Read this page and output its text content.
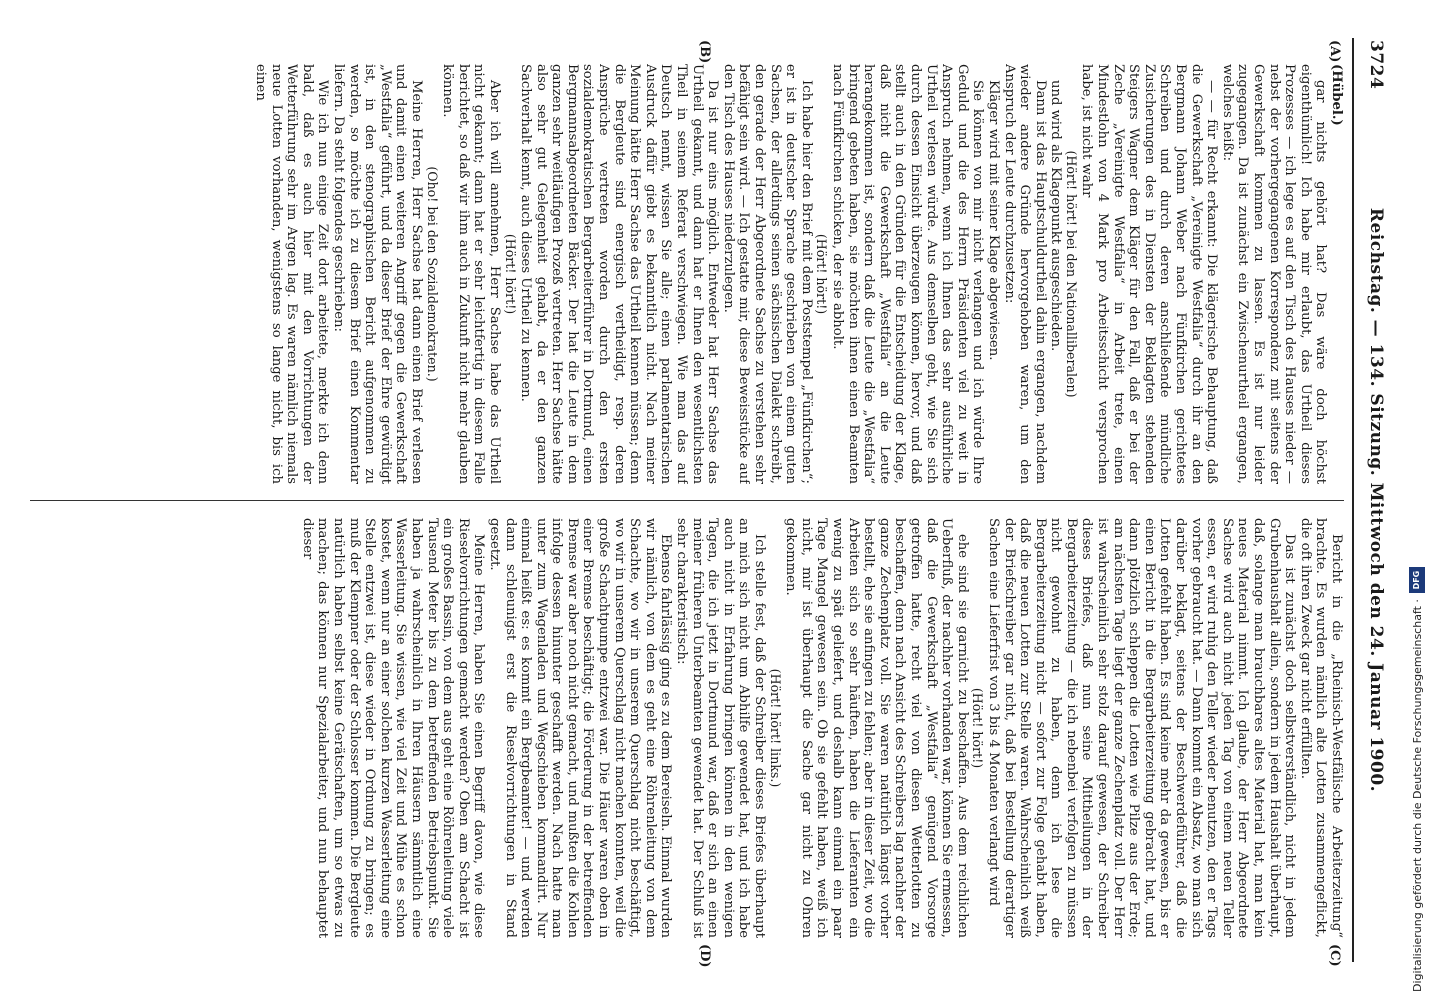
3724
Reichstag. — 134. Sitzung. Mittwoch den 24. Januar 1900.
(A)
(B)
(C)
(D)

(Hübel.)

gar nichts gehört hat? Das wäre doch höchst eigenthümlich! Ich habe mir erlaubt, das Urtheil dieses Prozesses — ich lege es auf den Tisch des Hauses nieder — nebst der vorhergegangenen Korrespondenz mit seitens der Gewerkschaft kommen zu lassen. Es ist nur leider zugegangen. Da ist zunächst ein Zwischenurtheil ergangen, welches heißt:

— — für Recht erkannt: Die klägerische Behauptung, daß die Gewerkschaft „Vereinigte Westfalia“ durch ihr an den Bergmann Johann Weber nach Fünfkirchen gerichtetes Schreiben und durch deren anschließende mündliche Zusicherungen des in Diensten der Beklagten stehenden Steigers Wagner dem Kläger für den Fall, daß er bei der Zeche „Vereinigte Westfalia“ in Arbeit trete, einen Mindestlohn von 4 Mark pro Arbeitsschicht versprochen habe, ist nicht wahr

(Hört! hört! bei den Nationalliberalen)

und wird als Klagepunkt ausgeschieden.

Dann ist das Hauptschuldurtheil dahin ergangen, nachdem wieder andere Gründe hervorgehoben waren, um den Anspruch der Leute durchzusetzen:

Kläger wird mit seiner Klage abgewiesen.

Sie können von mir nicht verlangen und ich würde Ihre Geduld und die des Herrn Präsidenten viel zu weit in Anspruch nehmen, wenn ich Ihnen das sehr ausführliche Urtheil verlesen würde. Aus demselben geht, wie Sie sich durch dessen Einsicht überzeugen können, hervor, und daß stellt auch in den Gründen für die Entscheidung der Klage, daß nicht die Gewerkschaft „Westfalia“ an die Leute herangekommen ist, sondern daß die Leute die „Westfalia“ bringend gebeten haben, sie möchten ihnen einen Beamten nach Fünfkirchen schicken, der sie abholt.

(Hört! hört!)

Ich habe hier den Brief mit dem Poststempel „Fünfkirchen“; er ist in deutscher Sprache geschrieben von einem guten Sachsen, der allerdings seinen sächsischen Dialekt schreibt, den gerade der Herr Abgeordnete Sachse zu verstehen sehr befähigt sein wird. — Ich gestatte mir, diese Beweisstücke auf den Tisch des Hauses niederzulegen.

Da ist nur eins möglich. Entweder hat Herr Sachse das Urtheil gekannt, und dann hat er Ihnen den wesentlichsten Theil in seinem Referat verschwiegen. Wie man das auf Deutsch nennt, wissen Sie alle; einen parlamentarischen Ausdruck dafür giebt es bekanntlich nicht. Nach meiner Meinung hätte Herr Sachse das Urtheil kennen müssen; denn die Bergleute sind energisch vertheidigt, resp. deren Ansprüche vertreten worden durch den ersten sozialdemokratischen Bergarbeiterführer in Dortmund, einen Bergmannsabgeordneten Bäcker. Der hat die Leute in dem ganzen sehr weitläufigen Prozeß vertreten. Herr Sachse hätte also sehr gut Gelegenheit gehabt, da er den ganzen Sachverhalt kennt, auch dieses Urtheil zu kennen.

(Hört! hört!)

Aber ich will annehmen, Herr Sachse habe das Urtheil nicht gekannt; dann hat er sehr leichtfertig in diesem Falle berichtet, so daß wir ihm auch in Zukunft nicht mehr glauben können.

(Oho! bei den Sozialdemokraten.)

Meine Herren, Herr Sachse hat dann einen Brief verlesen und damit einen weiteren Angriff gegen die Gewerkschaft „Westfalia“ geführt, und da dieser Brief der Ehre gewürdigt ist, in den stenographischen Bericht aufgenommen zu werden, so möchte ich zu diesem Brief einen Kommentar liefern. Da steht folgendes geschrieben:

Wie ich nun einige Zeit dort arbeitete, merkte ich denn bald, daß es auch hier mit den Vorrichtungen der Wetterführung sehr im Argen lag. Es waren nämlich niemals neue Lotten vorhanden, wenigstens so lange nicht, bis ich einen

Bericht in die „Rheinisch-Westfälische Arbeiterzeitung“ brachte. Es wurden nämlich alte Lotten zusammengeflickt, die oft ihren Zweck gar nicht erfüllten.

Das ist zunächst doch selbstverständlich, nicht in jedem Grubenhaushalt allein, sondern in jedem Haushalt überhaupt, daß, solange man brauchbares altes Material hat, man kein neues Material nimmt. Ich glaube, der Herr Abgeordnete Sachse wird auch nicht jeden Tag von einem neuen Teller essen, er wird ruhig den Teller wieder benutzen, den er Tags vorher gebraucht hat. — Dann kommt ein Absatz, wo man sich darüber beklagt, seitens der Beschwerdeführer, daß die Lotten gefehlt haben. Es sind keine mehr da gewesen, bis er einen Bericht in die Bergarbeiterzeitung gebracht hat, und dann plötzlich schleppen die Lotten wie Pilze aus der Erde; am nächsten Tage liegt der ganze Zechenplatz voll. Der Herr ist wahrscheinlich sehr stolz darauf gewesen, der Schreiber dieses Briefes, daß nun seine Mittheilungen in der Bergarbeiterzeitung — die ich nebenbei verfolgen zu müssen nicht gewohnt zu haben, denn ich lese die Bergarbeiterzeitung nicht — sofort zur Folge gehabt haben, daß die neuen Lotten zur Stelle waren. Wahrscheinlich weiß der Briefschreiber gar nicht, daß bei Bestellung derartiger Sachen eine Lieferfrist von 3 bis 4 Monaten verlangt wird

(Hört! hört!)

ehe sind sie garnicht zu beschaffen. Aus dem reichlichen Ueberfluß, der nachher vorhanden war, können Sie ermessen, daß die Gewerkschaft „Westfalia“ genügend Vorsorge getroffen hatte, recht viel von diesen Wetterlotten zu beschaffen, denn nach Ansicht des Schreibers lag nachher der ganze Zechenplatz voll. Sie waren natürlich längst vorher bestellt, ehe sie anfingen zu fehlen; aber in dieser Zeit, wo die Arbeiten sich so sehr häuften, haben die Lieferanten ein wenig zu spät geliefert, und deshalb kann einmal ein paar Tage Mangel gewesen sein. Ob sie gefehlt haben, weiß ich nicht, mir ist überhaupt die Sache gar nicht zu Ohren gekommen.

(Hört! hört! links.)

Ich stelle fest, daß der Schreiber dieses Briefes überhaupt an mich sich nicht um Abhilfe gewendet hat, und ich habe auch nicht in Erfahrung bringen können in den wenigen Tagen, die ich jetzt in Dortmund war, daß er sich an einen meiner früheren Unterbeamten gewendet hat. Der Schluß ist sehr charakteristisch:

Ebenso fahrlässig ging es zu dem Bereiseln. Einmal wurden wir nämlich, von dem es geht eine Röhrenleitung von dem Schachte, wo wir in unserem Querschlag nicht beschäftigt, wo wir in unserem Querschlag nicht machen konnten, weil die große Schachtpumpe entzwei war. Die Häuer waren oben in einer Bremse beschäftigt; die Förderung in der betreffenden Bremse war aber noch nicht gemacht, und mußten die Kohlen infolge dessen hinunter geschafft werden. Nach hatte man unter zum Wagenladen und Wegschieben kommandirt. Nur einmal heißt es: es kommt ein Bergbeamter! — und werden dann schleunigst erst die Rieselvorrichtungen in Stand gesetzt.

Meine Herren, haben Sie einen Begriff davon, wie diese Rieselvorrichtungen gemacht werden? Oben am Schacht ist ein großes Bassin, von dem aus geht eine Röhrenleitung viele Tausend Meter bis zu dem betreffenden Betriebspunkt. Sie haben ja wahrscheinlich in Ihren Häusern sämmtlich eine Wasserleitung. Sie wissen, wie viel Zeit und Mühe es schon kostet, wenn nur an einer solchen kurzen Wasserleitung eine Stelle entzwei ist, diese wieder in Ordnung zu bringen; es muß der Klempner oder der Schlosser kommen. Die Bergleute natürlich haben selbst keine Gerätschaften, um so etwas zu machen; das können nur Spezialarbeiter, und nun behauptet dieser

Digitalisierung gefördert durch die Deutsche Forschungsgemeinschaft ·
DFG
